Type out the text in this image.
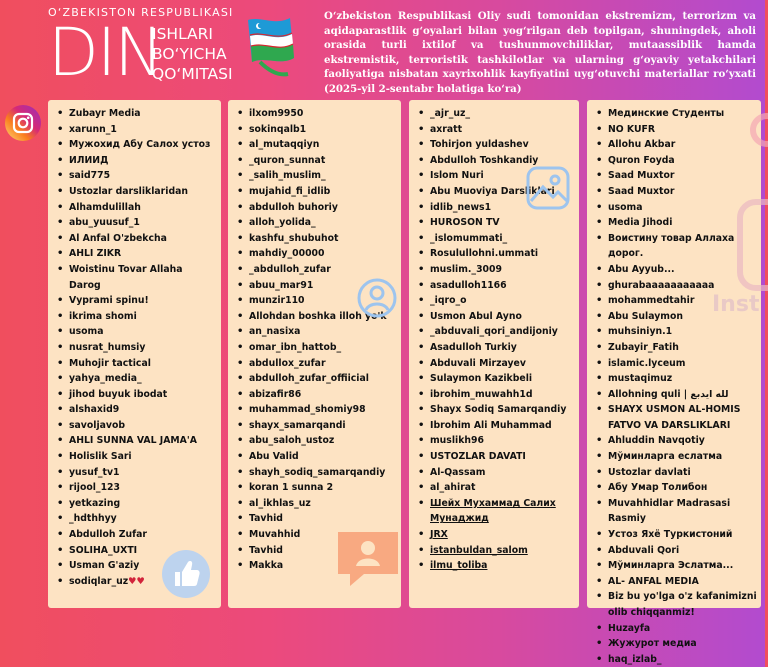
O‘ZBEKISTON RESPUBLIKASI
DIN
ISHLARI
BO‘YICHA
QO‘MITASI
O‘zbekiston Respublikasi Oliy sudi tomonidan ekstremizm, terrorizm va aqidaparastlik g‘oyalari bilan yog‘rilgan deb topilgan, shuningdek, aholi orasida turli ixtilof va tushunmovchiliklar, mutaassiblik hamda ekstremistik, terroristik tashkilotlar va ularning g‘oyaviy yetakchilari faoliyatiga nisbatan xayrixohlik kayfiyatini uyg‘otuvchi materiallar ro‘yxati (2025-yil 2-sentabr holatiga ko‘ra)
• Zubayr Media
• xarunn_1
• Мужохид Абу Салох устоз
• ИЛИИД
• said775
• Ustozlar darsliklaridan
• Alhamdulillah
• abu_yuusuf_1
• Al Anfal O'zbekcha
• AHLI ZIKR
• Woistinu Tovar Allaha Darog
• Vyprami spinu!
• ikrima shomi
• usoma
• nusrat_humsiy
• Muhojir tactical
• yahya_media_
• jihod buyuk ibodat
• alshaxid9
• savoljavob
• AHLI SUNNA VAL JAMA'A
• Holislik Sari
• yusuf_tv1
• rijool_123
• yetkazing
• _hdthhyy
• Abdulloh Zufar
• SOLIHA_UXTI
• Usman G'aziy
• sodiqlar_uz♥♥
• ilxom9950
• sokinqalb1
• al_mutaqqiyn
• _quron_sunnat
• _salih_muslim_
• mujahid_fi_idlib
• abdulloh buhoriy
• alloh_yolida_
• kashfu_shubuhot
• mahdiy_00000
• _abdulloh_zufar
• abuu_mar91
• munzir110
• Allohdan boshka illoh yo'k
• an_nasixa
• omar_ibn_hattob_
• abdullox_zufar
• abdulloh_zufar_offiicial
• abizafir86
• muhammad_shomiy98
• shayx_samarqandi
• abu_saloh_ustoz
• Abu Valid
• shayh_sodiq_samarqandiy
• koran 1 sunna 2
• al_ikhlas_uz
• Tavhid
• Muvahhid
• Tavhid
• Makka
• _ajr_uz_
• axratt
• Tohirjon yuldashev
• Abdulloh Toshkandiy
• Islom Nuri
• Abu Muoviya Darsliklari
• idlib_news1
• HUROSON TV
• _islomummati_
• Rosulullohni.ummati
• muslim._3009
• asadulloh1166
• _iqro_o
• Usmon Abul Ayno
• _abduvali_qori_andijoniy
• Asadulloh Turkiy
• Abduvali Mirzayev
• Sulaymon Kazikbeli
• ibrohim_muwahh1d
• Shayx Sodiq Samarqandiy
• Ibrohim Ali Muhammad
• muslikh96
• USTOZLAR DAVATI
• Al-Qassam
• al_ahirat
• Шейх Мухаммад Салих Мунаджид
• JRX
• istanbuldan_salom
• ilmu_toliba
• Мединские Студенты
• NO KUFR
• Allohu Akbar
• Quron Foyda
• Saad Muxtor
• Saad Muxtor
• usoma
• Media Jihodi
• Воистину товар Аллаха дорог.
• Abu Ayyub...
• ghurabaaaaaaaaaaa
• mohammedtahir
• Abu Sulaymon
• muhsiniyn.1
• Zubayir_Fatih
• islamic.lyceum
• mustaqimuz
• Allohning quli | لله ایدبع
• SHAYX USMON AL-HOMIS FATVO VA DARSLIKLARI
• Ahluddin Navqotiy
• Мўминларга еслатма
• Ustozlar davlati
• Абу Умар Толибон
• Muvahhidlar Madrasasi Rasmiy
• Устоз Яхё Туркистоний
• Abduvali Qori
• Мўминларга Эслатма...
• AL- ANFAL MEDIA
• Biz bu yo'lga o'z kafanimizni olib chiqqanmiz!
• Huzayfa
• Жужурот медиа
• haq_izlab_
Inst
